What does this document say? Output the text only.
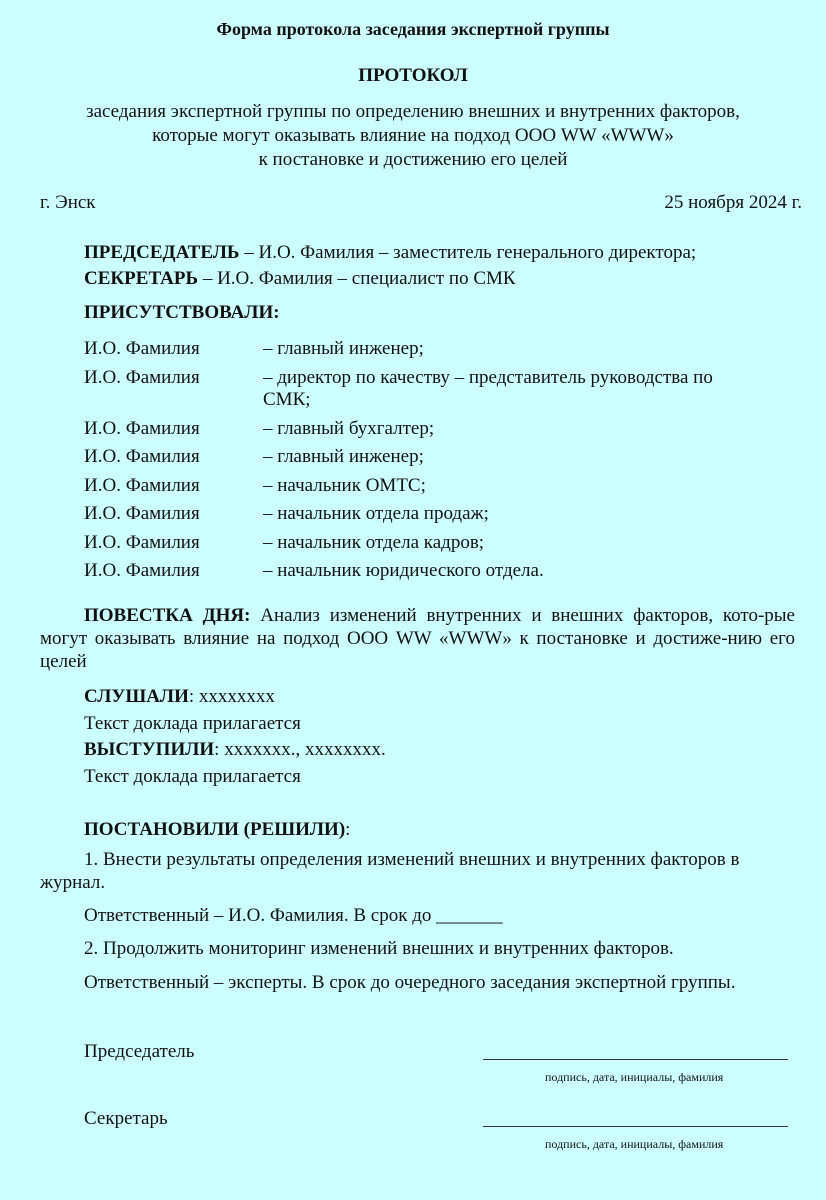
Форма протокола заседания экспертной группы
ПРОТОКОЛ
заседания экспертной группы по определению внешних и внутренних факторов,
которые могут оказывать влияние на подход ООО WW «WWW»
к постановке и достижению его целей
г. Энск	25 ноября 2024 г.
ПРЕДСЕДАТЕЛЬ – И.О. Фамилия – заместитель генерального директора;
СЕКРЕТАРЬ – И.О. Фамилия – специалист по СМК
ПРИСУТСТВОВАЛИ:
И.О. Фамилия	– главный инженер;
И.О. Фамилия	– директор по качеству – представитель руководства по СМК;
И.О. Фамилия	– главный бухгалтер;
И.О. Фамилия	– главный инженер;
И.О. Фамилия	– начальник ОМТС;
И.О. Фамилия	– начальник отдела продаж;
И.О. Фамилия	– начальник отдела кадров;
И.О. Фамилия	– начальник юридического отдела.
ПОВЕСТКА ДНЯ: Анализ изменений внутренних и внешних факторов, кото-рые могут оказывать влияние на подход ООО WW «WWW» к постановке и достиже-нию его целей
СЛУШАЛИ: xxxxxxxx
Текст доклада прилагается
ВЫСТУПИЛИ: xxxxxxx., xxxxxxxx.
Текст доклада прилагается
ПОСТАНОВИЛИ (РЕШИЛИ):
1. Внести результаты определения изменений внешних и внутренних факторов в журнал.
Ответственный – И.О. Фамилия. В срок до _______
2. Продолжить мониторинг изменений внешних и внутренних факторов.
Ответственный – эксперты. В срок до очередного заседания экспертной группы.
Председатель
подпись, дата, инициалы, фамилия
Секретарь
подпись, дата, инициалы, фамилия
